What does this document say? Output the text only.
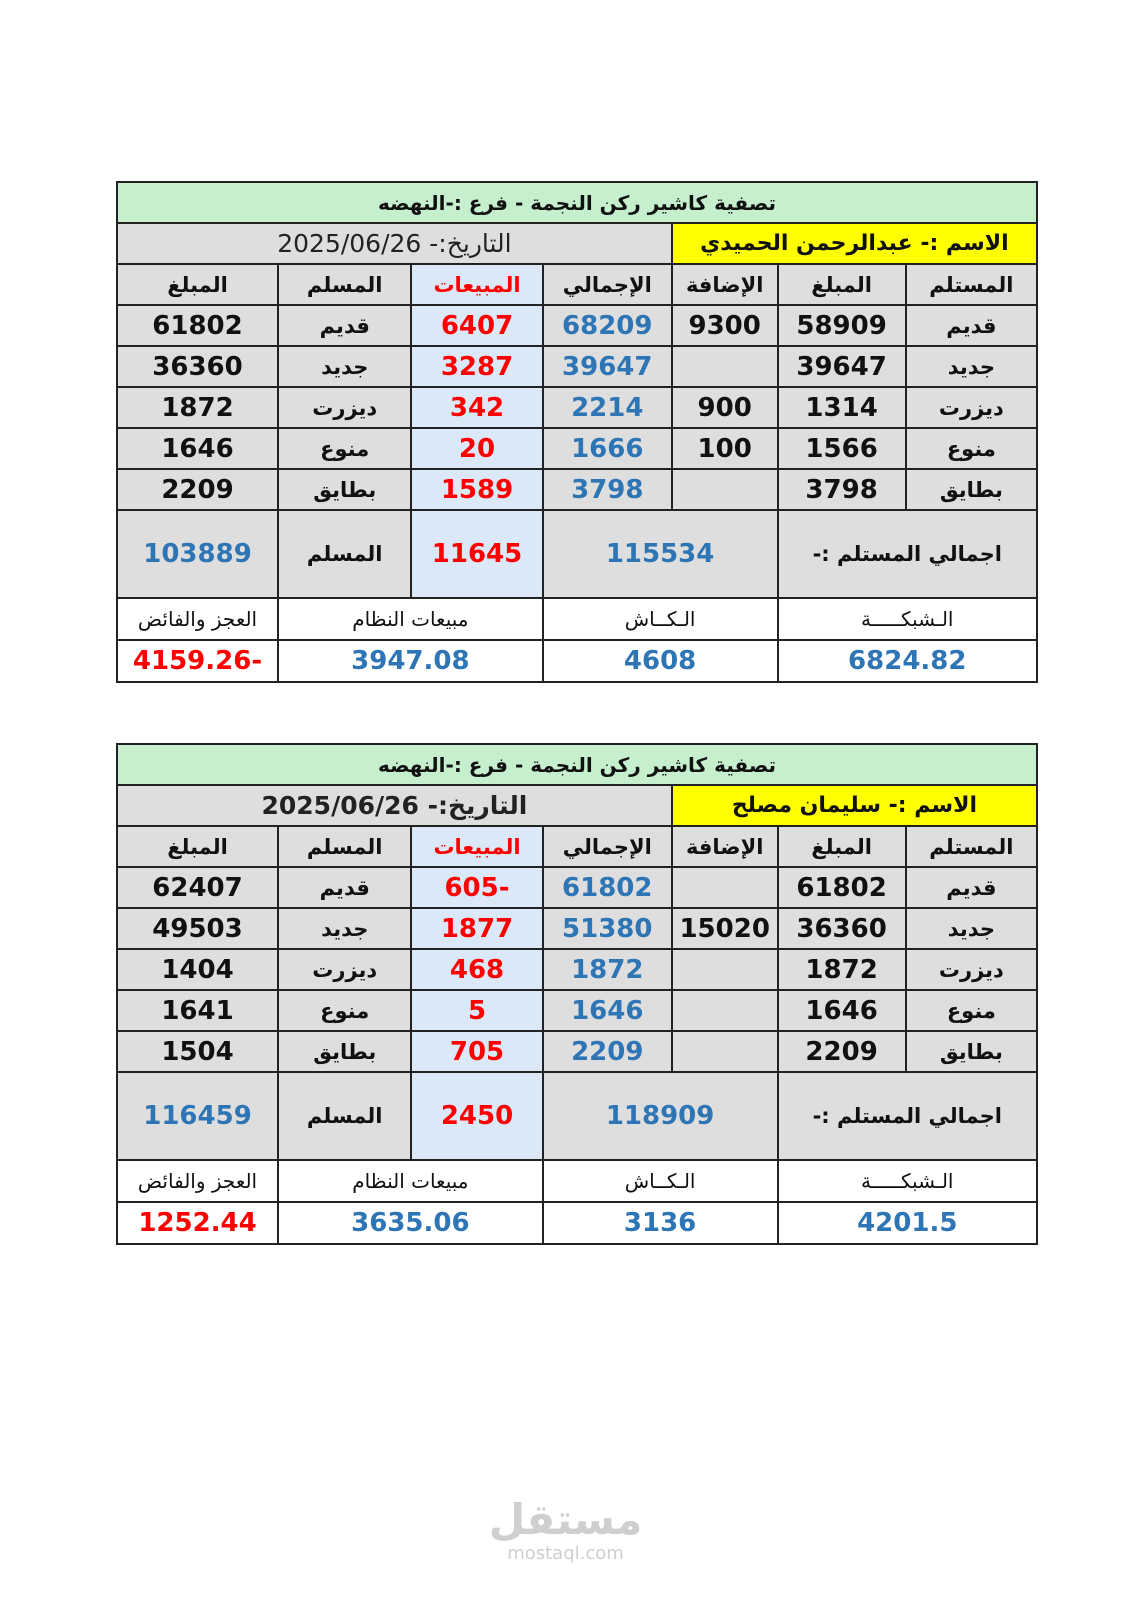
تصفية كاشير ركن النجمة - فرع :-النهضه						
الاسم :- عبدالرحمن الحميدي			التاريخ:- 2025/06/26			
المستلم	المبلغ	الإضافة	الإجمالي	المبيعات	المسلم	المبلغ
قديم	58909	9300	68209	6407	قديم	61802
جديد	39647		39647	3287	جديد	36360
ديزرت	1314	900	2214	342	ديزرت	1872
منوع	1566	100	1666	20	منوع	1646
بطايق	3798		3798	1589	بطايق	2209
اجمالي المستلم :-		115534		11645	المسلم	103889
الـشبكـــــة		الـكــاش		مبيعات النظام		العجز والفائض
6824.82		4608		3947.08		-4159.26
تصفية كاشير ركن النجمة - فرع :-النهضه						
الاسم :- سليمان مصلح			التاريخ:- 2025/06/26			
المستلم	المبلغ	الإضافة	الإجمالي	المبيعات	المسلم	المبلغ
قديم	61802		61802	-605	قديم	62407
جديد	36360	15020	51380	1877	جديد	49503
ديزرت	1872		1872	468	ديزرت	1404
منوع	1646		1646	5	منوع	1641
بطايق	2209		2209	705	بطايق	1504
اجمالي المستلم :-		118909		2450	المسلم	116459
الـشبكـــــة		الـكــاش		مبيعات النظام		العجز والفائض
4201.5		3136		3635.06		1252.44
مستقل
mostaql.com
